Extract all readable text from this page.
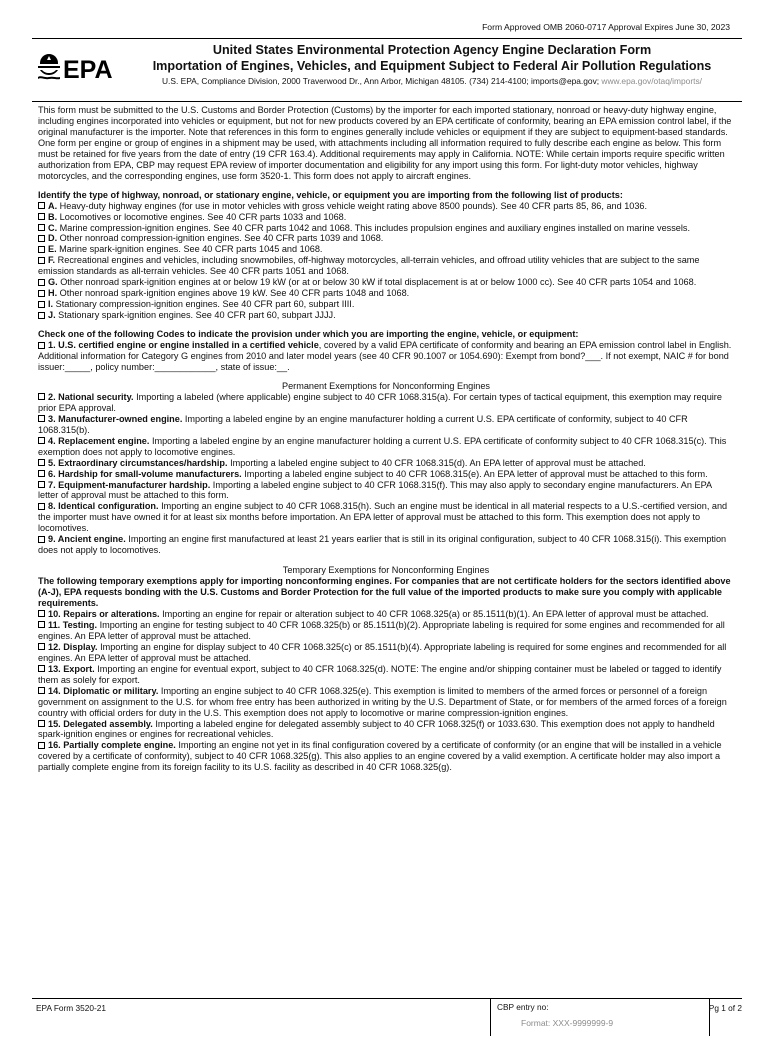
Form Approved OMB 2060-0717 Approval Expires June 30, 2023
EPA
United States Environmental Protection Agency Engine Declaration Form
Importation of Engines, Vehicles, and Equipment Subject to Federal Air Pollution Regulations
U.S. EPA, Compliance Division, 2000 Traverwood Dr., Ann Arbor, Michigan 48105. (734) 214-4100; imports@epa.gov; www.epa.gov/otaq/imports/

This form must be submitted to the U.S. Customs and Border Protection (Customs) by the importer for each imported stationary, nonroad or heavy-duty highway engine, including engines incorporated into vehicles or equipment, but not for new products covered by an EPA certificate of conformity, bearing an EPA emission control label, if the original manufacturer is the importer. Note that references in this form to engines generally include vehicles or equipment if they are subject to equipment-based standards. One form per engine or group of engines in a shipment may be used, with attachments including all information required to fully describe each engine as below. This form must be retained for five years from the date of entry (19 CFR 163.4). Additional requirements may apply in California. NOTE: While certain imports require specific written authorization from EPA, CBP may request EPA review of importer documentation and eligibility for any import using this form. For light-duty motor vehicles, highway motorcycles, and the corresponding engines, use form 3520-1. This form does not apply to aircraft engines.

Identify the type of highway, nonroad, or stationary engine, vehicle, or equipment you are importing from the following list of products:

A. Heavy-duty highway engines (for use in motor vehicles with gross vehicle weight rating above 8500 pounds). See 40 CFR parts 85, 86, and 1036.

B. Locomotives or locomotive engines. See 40 CFR parts 1033 and 1068.

C. Marine compression-ignition engines. See 40 CFR parts 1042 and 1068. This includes propulsion engines and auxiliary engines installed on marine vessels.

D. Other nonroad compression-ignition engines. See 40 CFR parts 1039 and 1068.

E. Marine spark-ignition engines. See 40 CFR parts 1045 and 1068.

F. Recreational engines and vehicles, including snowmobiles, off-highway motorcycles, all-terrain vehicles, and offroad utility vehicles that are subject to the same emission standards as all-terrain vehicles. See 40 CFR parts 1051 and 1068.

G. Other nonroad spark-ignition engines at or below 19 kW (or at or below 30 kW if total displacement is at or below 1000 cc). See 40 CFR parts 1054 and 1068.

H. Other nonroad spark-ignition engines above 19 kW. See 40 CFR parts 1048 and 1068.

I. Stationary compression-ignition engines. See 40 CFR part 60, subpart IIII.

J. Stationary spark-ignition engines. See 40 CFR part 60, subpart JJJJ.

Check one of the following Codes to indicate the provision under which you are importing the engine, vehicle, or equipment:

1. U.S. certified engine or engine installed in a certified vehicle, covered by a valid EPA certificate of conformity and bearing an EPA emission control label in English. Additional information for Category G engines from 2010 and later model years (see 40 CFR 90.1007 or 1054.690): Exempt from bond?___. If not exempt, NAIC # for bond issuer:_____, policy number:____________, state of issue:__.

Permanent Exemptions for Nonconforming Engines

2. National security. Importing a labeled (where applicable) engine subject to 40 CFR 1068.315(a). For certain types of tactical equipment, this exemption may require prior EPA approval.

3. Manufacturer-owned engine. Importing a labeled engine by an engine manufacturer holding a current U.S. EPA certificate of conformity, subject to 40 CFR 1068.315(b).

4. Replacement engine. Importing a labeled engine by an engine manufacturer holding a current U.S. EPA certificate of conformity subject to 40 CFR 1068.315(c). This exemption does not apply to locomotive engines.

5. Extraordinary circumstances/hardship. Importing a labeled engine subject to 40 CFR 1068.315(d). An EPA letter of approval must be attached.

6. Hardship for small-volume manufacturers. Importing a labeled engine subject to 40 CFR 1068.315(e). An EPA letter of approval must be attached to this form.

7. Equipment-manufacturer hardship. Importing a labeled engine subject to 40 CFR 1068.315(f). This may also apply to secondary engine manufacturers. An EPA letter of approval must be attached to this form.

8. Identical configuration. Importing an engine subject to 40 CFR 1068.315(h). Such an engine must be identical in all material respects to a U.S.-certified version, and the importer must have owned it for at least six months before importation. An EPA letter of approval must be attached to this form. This exemption does not apply to locomotives.

9. Ancient engine. Importing an engine first manufactured at least 21 years earlier that is still in its original configuration, subject to 40 CFR 1068.315(i). This exemption does not apply to locomotives.

Temporary Exemptions for Nonconforming Engines

The following temporary exemptions apply for importing nonconforming engines. For companies that are not certificate holders for the sectors identified above (A-J), EPA requests bonding with the U.S. Customs and Border Protection for the full value of the imported products to make sure you comply with applicable requirements.

10. Repairs or alterations. Importing an engine for repair or alteration subject to 40 CFR 1068.325(a) or 85.1511(b)(1). An EPA letter of approval must be attached.

11. Testing. Importing an engine for testing subject to 40 CFR 1068.325(b) or 85.1511(b)(2). Appropriate labeling is required for some engines and recommended for all engines. An EPA letter of approval must be attached.

12. Display. Importing an engine for display subject to 40 CFR 1068.325(c) or 85.1511(b)(4). Appropriate labeling is required for some engines and recommended for all engines. An EPA letter of approval must be attached.

13. Export. Importing an engine for eventual export, subject to 40 CFR 1068.325(d). NOTE: The engine and/or shipping container must be labeled or tagged to identify them as solely for export.

14. Diplomatic or military. Importing an engine subject to 40 CFR 1068.325(e). This exemption is limited to members of the armed forces or personnel of a foreign government on assignment to the U.S. for whom free entry has been authorized in writing by the U.S. Department of State, or for members of the armed forces of a foreign country with official orders for duty in the U.S. This exemption does not apply to locomotive or marine compression-ignition engines.

15. Delegated assembly. Importing a labeled engine for delegated assembly subject to 40 CFR 1068.325(f) or 1033.630. This exemption does not apply to handheld spark-ignition engines or engines for recreational vehicles.

16. Partially complete engine. Importing an engine not yet in its final configuration covered by a certificate of conformity (or an engine that will be installed in a vehicle covered by a certificate of conformity), subject to 40 CFR 1068.325(g). This also applies to an engine covered by a valid exemption. A certificate holder may also import a partially complete engine from its foreign facility to its U.S. facility as described in 40 CFR 1068.325(g).

EPA Form 3520-21	CBP entry no:
Format: XXX-9999999-9
Pg 1 of 2
